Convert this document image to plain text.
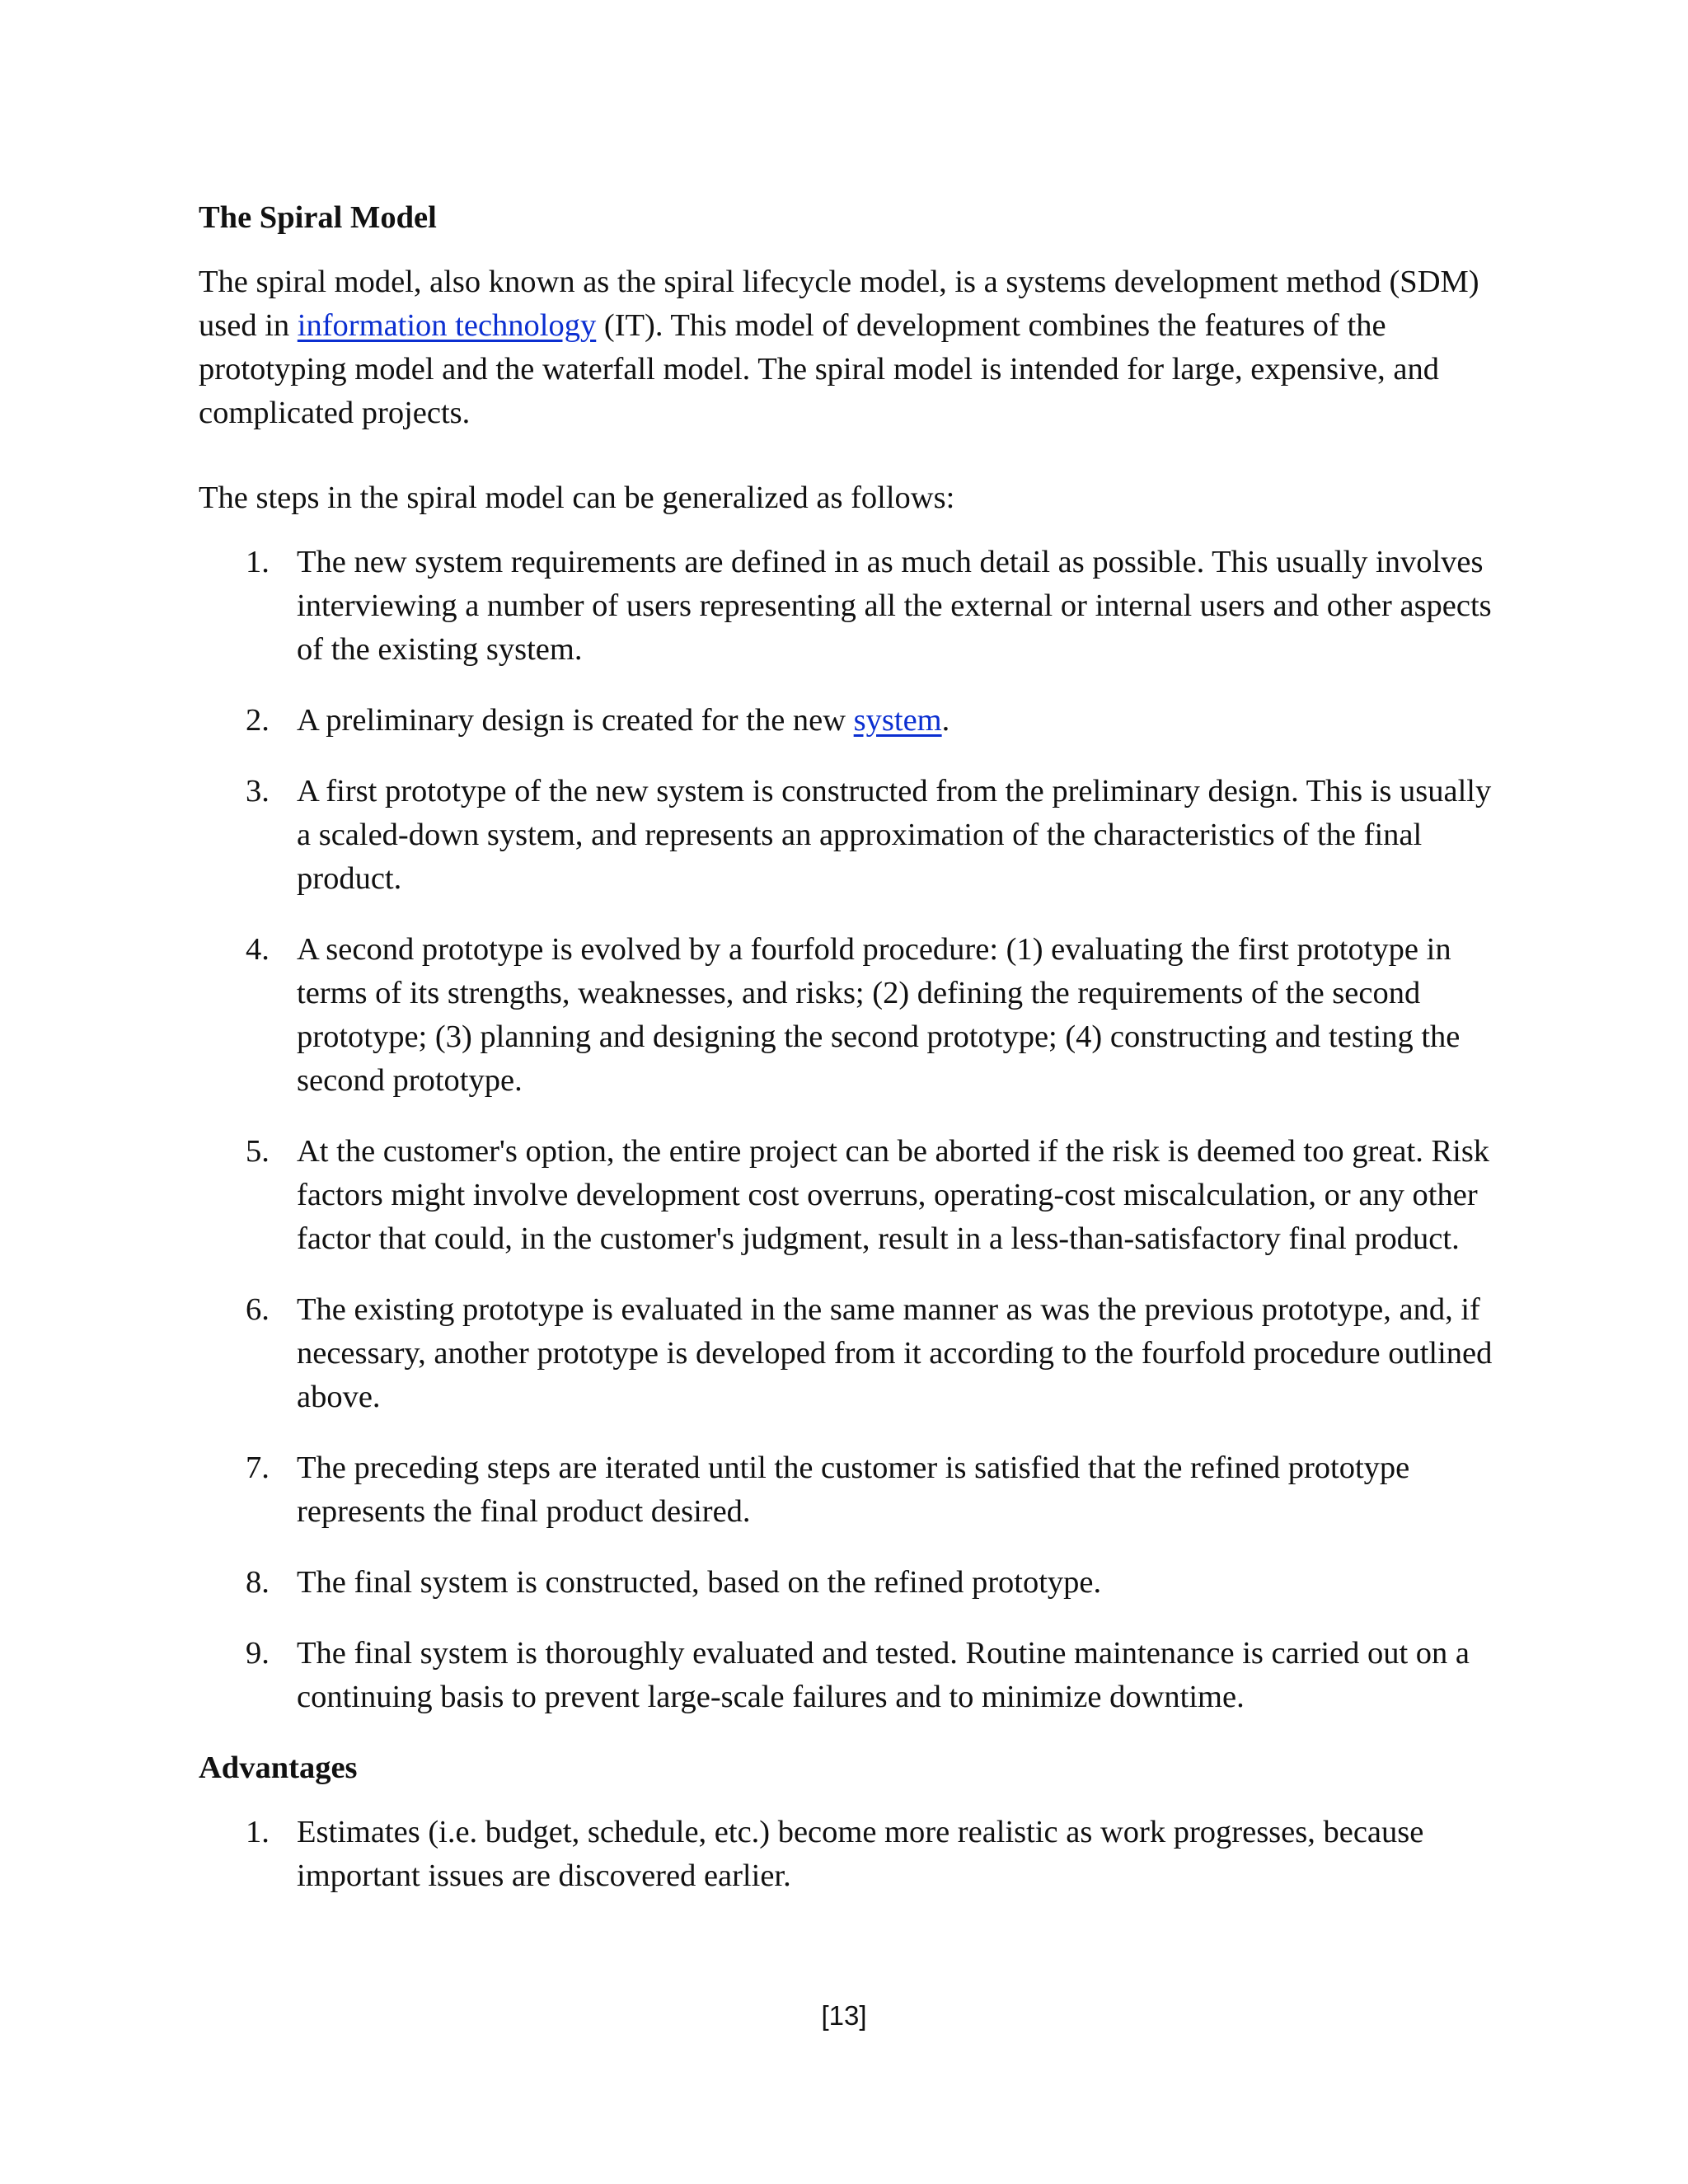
The Spiral Model

The spiral model, also known as the spiral lifecycle model, is a systems development method (SDM) used in information technology (IT). This model of development combines the features of the prototyping model and the waterfall model. The spiral model is intended for large, expensive, and complicated projects.

The steps in the spiral model can be generalized as follows:

1. The new system requirements are defined in as much detail as possible. This usually involves interviewing a number of users representing all the external or internal users and other aspects of the existing system.
2. A preliminary design is created for the new system.
3. A first prototype of the new system is constructed from the preliminary design. This is usually a scaled-down system, and represents an approximation of the characteristics of the final product.
4. A second prototype is evolved by a fourfold procedure: (1) evaluating the first prototype in terms of its strengths, weaknesses, and risks; (2) defining the requirements of the second prototype; (3) planning and designing the second prototype; (4) constructing and testing the second prototype.
5. At the customer's option, the entire project can be aborted if the risk is deemed too great. Risk factors might involve development cost overruns, operating-cost miscalculation, or any other factor that could, in the customer's judgment, result in a less-than-satisfactory final product.
6. The existing prototype is evaluated in the same manner as was the previous prototype, and, if necessary, another prototype is developed from it according to the fourfold procedure outlined above.
7. The preceding steps are iterated until the customer is satisfied that the refined prototype represents the final product desired.
8. The final system is constructed, based on the refined prototype.
9. The final system is thoroughly evaluated and tested. Routine maintenance is carried out on a continuing basis to prevent large-scale failures and to minimize downtime.
Advantages
1. Estimates (i.e. budget, schedule, etc.) become more realistic as work progresses, because important issues are discovered earlier.
[13]
